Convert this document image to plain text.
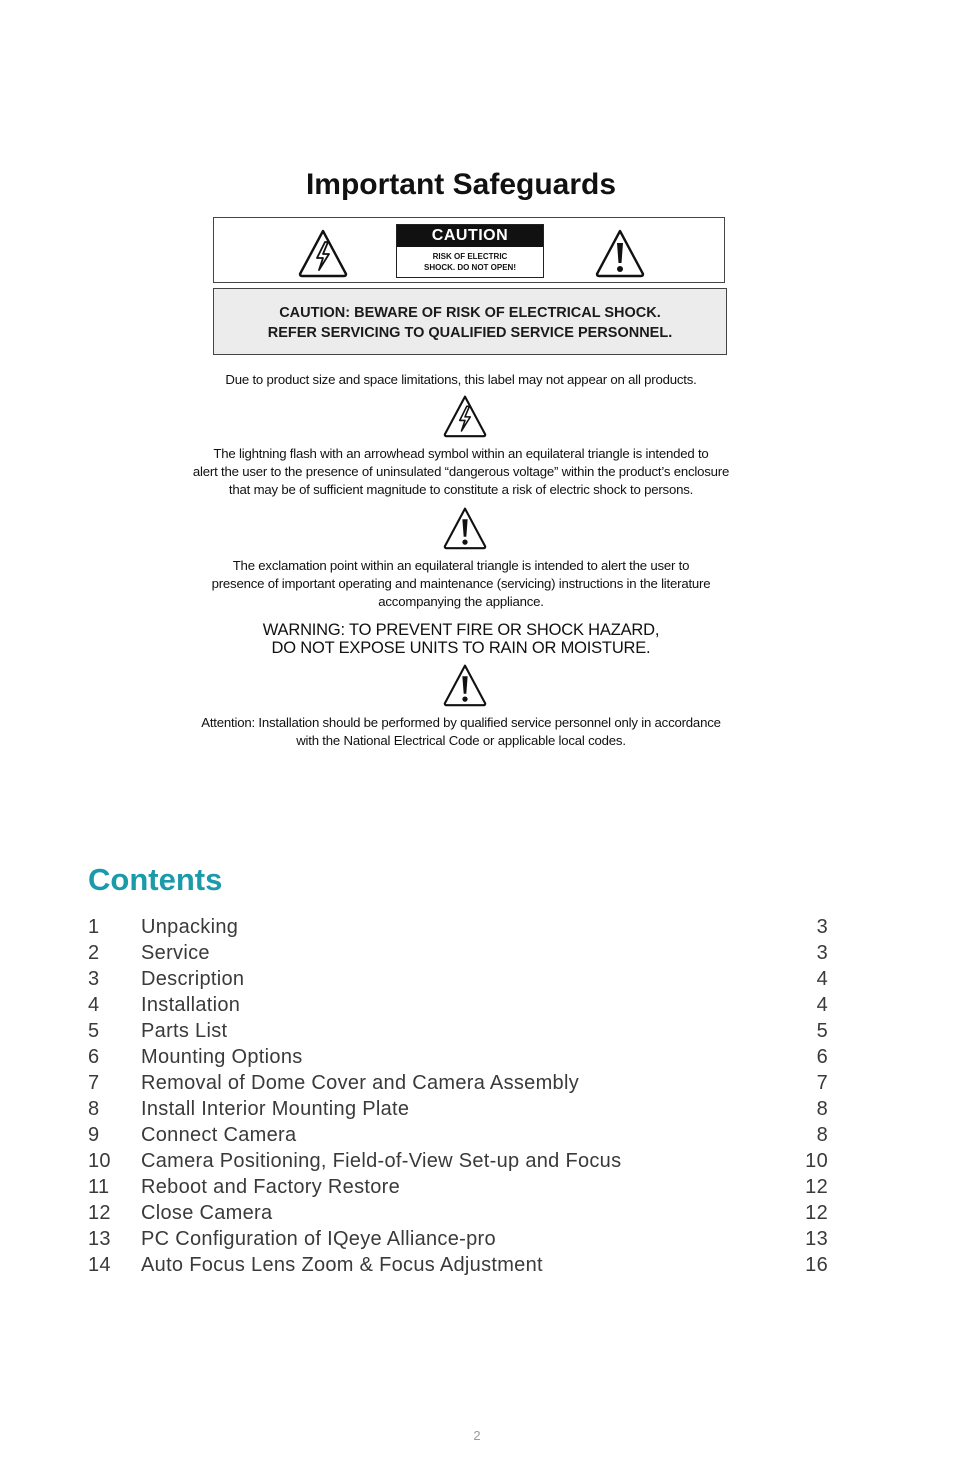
Important Safeguards
CAUTION
RISK OF ELECTRIC
SHOCK. DO NOT OPEN!
CAUTION: BEWARE OF RISK OF ELECTRICAL SHOCK.
REFER SERVICING TO QUALIFIED SERVICE PERSONNEL.
Due to product size and space limitations, this label may not appear on all products.
The lightning flash with an arrowhead symbol within an equilateral triangle is intended to
alert the user to the presence of uninsulated “dangerous voltage” within the product’s enclosure
that may be of sufficient magnitude to constitute a risk of electric shock to persons.
The exclamation point within an equilateral triangle is intended to alert the user to
presence of important operating and maintenance (servicing) instructions in the literature
accompanying the appliance.
WARNING: TO PREVENT FIRE OR SHOCK HAZARD,
DO NOT EXPOSE UNITS TO RAIN OR MOISTURE.
Attention: Installation should be performed by qualified service personnel only in accordance
with the National Electrical Code or applicable local codes.
Contents
1 Unpacking	3
2 Service	3
3 Description	4
4 Installation	4
5 Parts List	5
6 Mounting Options	6
7 Removal of Dome Cover and Camera Assembly	7
8 Install Interior Mounting Plate	8
9 Connect Camera	8
10 Camera Positioning, Field-of-View Set-up and Focus	10
11 Reboot and Factory Restore	12
12 Close Camera	12
13 PC Configuration of IQeye Alliance-pro	13
14 Auto Focus Lens Zoom & Focus Adjustment	16
2
